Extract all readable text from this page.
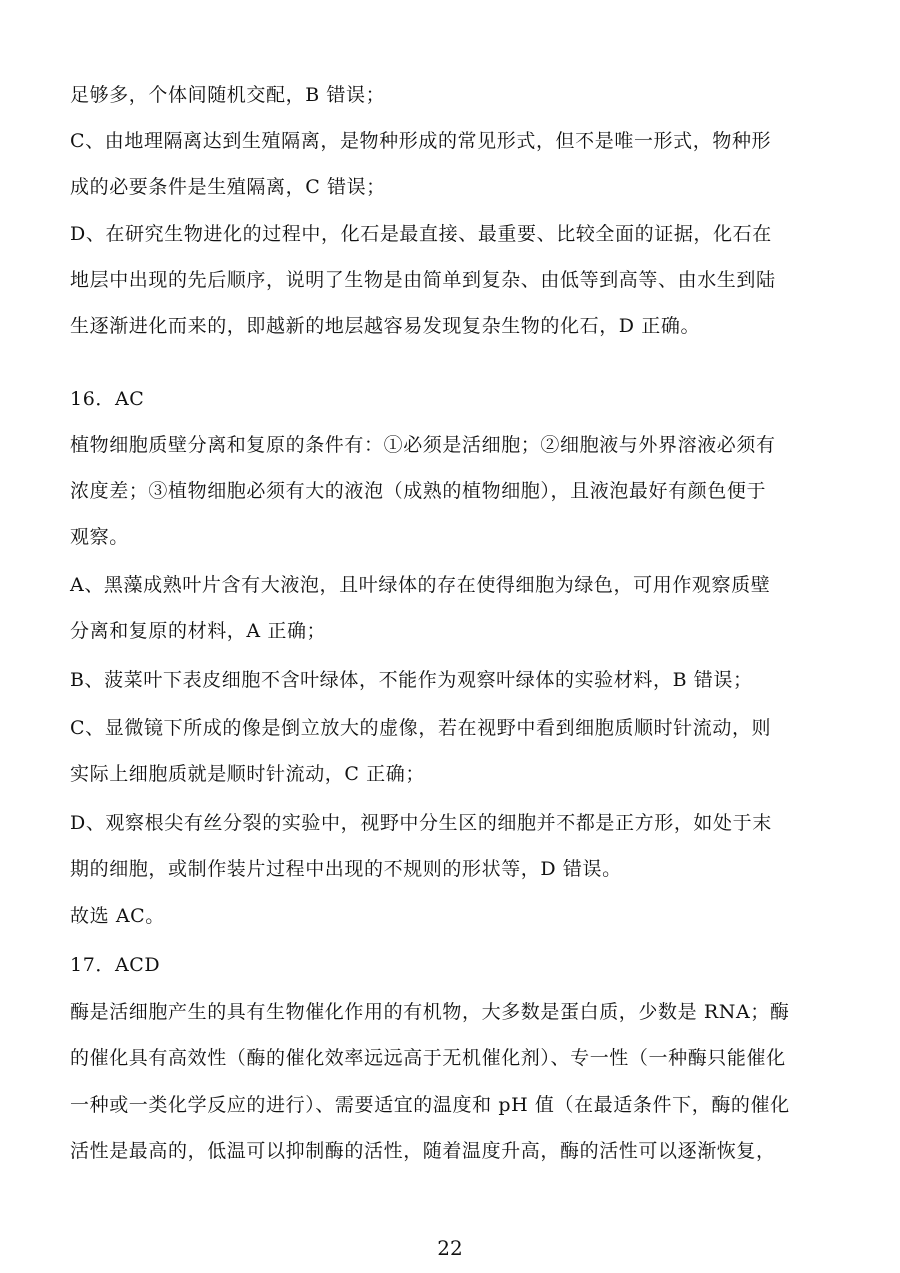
足够多，个体间随机交配，B 错误；
C、由地理隔离达到生殖隔离，是物种形成的常见形式，但不是唯一形式，物种形
成的必要条件是生殖隔离，C 错误；
D、在研究生物进化的过程中，化石是最直接、最重要、比较全面的证据，化石在
地层中出现的先后顺序，说明了生物是由简单到复杂、由低等到高等、由水生到陆
生逐渐进化而来的，即越新的地层越容易发现复杂生物的化石，D 正确。
16．AC
植物细胞质壁分离和复原的条件有：①必须是活细胞；②细胞液与外界溶液必须有
浓度差；③植物细胞必须有大的液泡（成熟的植物细胞），且液泡最好有颜色便于
观察。
A、黑藻成熟叶片含有大液泡，且叶绿体的存在使得细胞为绿色，可用作观察质壁
分离和复原的材料，A 正确；
B、菠菜叶下表皮细胞不含叶绿体，不能作为观察叶绿体的实验材料，B 错误；
C、显微镜下所成的像是倒立放大的虚像，若在视野中看到细胞质顺时针流动，则
实际上细胞质就是顺时针流动，C 正确；
D、观察根尖有丝分裂的实验中，视野中分生区的细胞并不都是正方形，如处于末
期的细胞，或制作装片过程中出现的不规则的形状等，D 错误。
故选 AC。
17．ACD
酶是活细胞产生的具有生物催化作用的有机物，大多数是蛋白质，少数是 RNA；酶
的催化具有高效性（酶的催化效率远远高于无机催化剂）、专一性（一种酶只能催化
一种或一类化学反应的进行）、需要适宜的温度和 pH 值（在最适条件下，酶的催化
活性是最高的，低温可以抑制酶的活性，随着温度升高，酶的活性可以逐渐恢复，
22
